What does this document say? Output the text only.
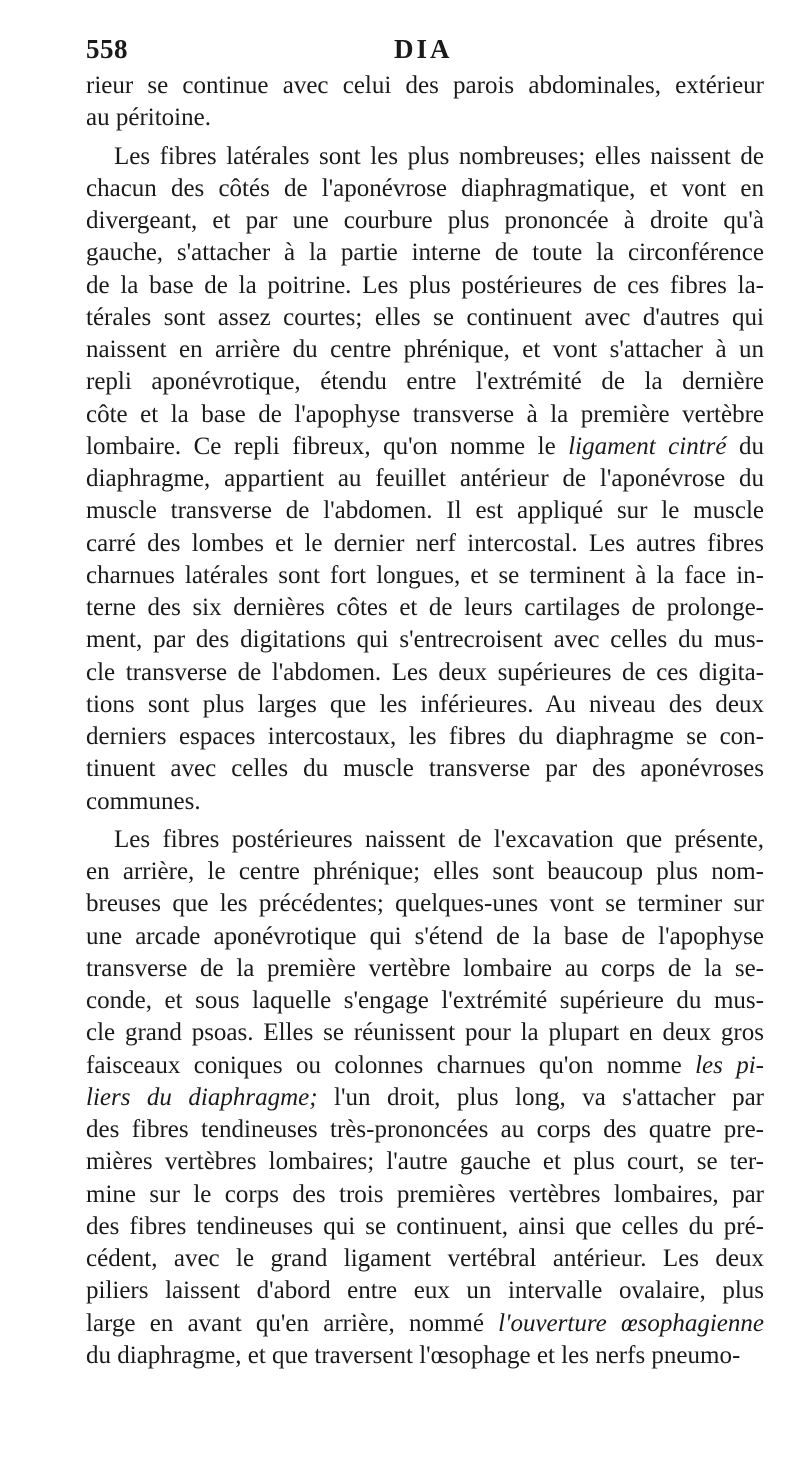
558	DIA
rieur se continue avec celui des parois abdominales, extérieur
au péritoine.
Les fibres latérales sont les plus nombreuses; elles naissent de
chacun des côtés de l'aponévrose diaphragmatique, et vont en
divergeant, et par une courbure plus prononcée à droite qu'à
gauche, s'attacher à la partie interne de toute la circonférence
de la base de la poitrine. Les plus postérieures de ces fibres la-
térales sont assez courtes; elles se continuent avec d'autres qui
naissent en arrière du centre phrénique, et vont s'attacher à un
repli aponévrotique, étendu entre l'extrémité de la dernière
côte et la base de l'apophyse transverse à la première vertèbre
lombaire. Ce repli fibreux, qu'on nomme le ligament cintré du
diaphragme, appartient au feuillet antérieur de l'aponévrose du
muscle transverse de l'abdomen. Il est appliqué sur le muscle
carré des lombes et le dernier nerf intercostal. Les autres fibres
charnues latérales sont fort longues, et se terminent à la face in-
terne des six dernières côtes et de leurs cartilages de prolonge-
ment, par des digitations qui s'entrecroisent avec celles du mus-
cle transverse de l'abdomen. Les deux supérieures de ces digita-
tions sont plus larges que les inférieures. Au niveau des deux
derniers espaces intercostaux, les fibres du diaphragme se con-
tinuent avec celles du muscle transverse par des aponévroses
communes.
Les fibres postérieures naissent de l'excavation que présente,
en arrière, le centre phrénique; elles sont beaucoup plus nom-
breuses que les précédentes; quelques-unes vont se terminer sur
une arcade aponévrotique qui s'étend de la base de l'apophyse
transverse de la première vertèbre lombaire au corps de la se-
conde, et sous laquelle s'engage l'extrémité supérieure du mus-
cle grand psoas. Elles se réunissent pour la plupart en deux gros
faisceaux coniques ou colonnes charnues qu'on nomme les pi-
liers du diaphragme; l'un droit, plus long, va s'attacher par
des fibres tendineuses très-prononcées au corps des quatre pre-
mières vertèbres lombaires; l'autre gauche et plus court, se ter-
mine sur le corps des trois premières vertèbres lombaires, par
des fibres tendineuses qui se continuent, ainsi que celles du pré-
cédent, avec le grand ligament vertébral antérieur. Les deux
piliers laissent d'abord entre eux un intervalle ovalaire, plus
large en avant qu'en arrière, nommé l'ouverture œsophagienne
du diaphragme, et que traversent l'œsophage et les nerfs pneumo-
